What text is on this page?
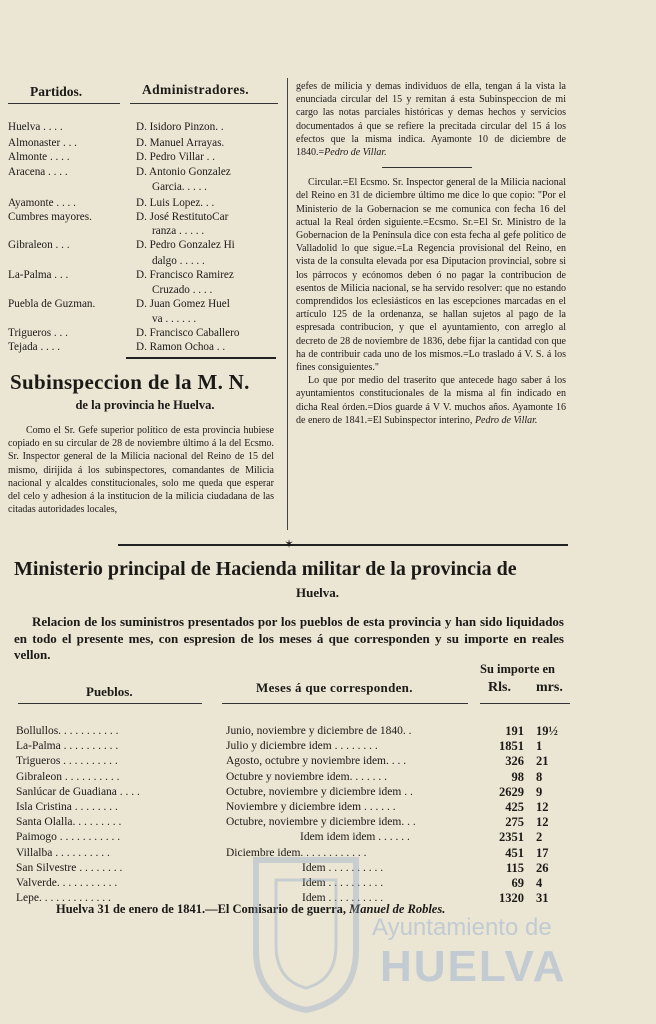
Partidos.	Administradores.
Huelva . . . .	D. Isidoro Pinzon. .
Almonaster . . .	D. Manuel Arrayas.
Almonte . . . .	D. Pedro Villar . .
Aracena . . . .	D. Antonio Gonzalez
Garcia. . . . .
Ayamonte . . . .	D. Luis Lopez. . .
Cumbres mayores.	D. José RestitutoCar
ranza . . . . .
Gibraleon . . .	D. Pedro Gonzalez Hi
dalgo . . . . .
La-Palma . . .	D. Francisco Ramirez
Cruzado . . . .
Puebla de Guzman.	D. Juan Gomez Huel
va . . . . . .
Trigueros . . .	D. Francisco Caballero
Tejada . . . .	D. Ramon Ochoa . .
Subinspeccion de la M. N.
de la provincia he Huelva.
Como el Sr. Gefe superior político de esta provincia hubiese copiado en su circular de 28 de noviembre último á la del Ecsmo. Sr. Inspector general de la Milicia nacional del Reino de 15 del mismo, dirijida á los subinspectores, comandantes de Milicia nacional y alcaldes constitucionales, solo me queda que esperar del celo y adhesion á la institucion de la milicia ciudadana de las citadas autoridades locales,

gefes de milicia y demas individuos de ella, tengan á la vista la enunciada circular del 15 y remitan á esta Subinspeccion de mi cargo las notas parciales históricas y demas hechos y servicios documentados á que se refiere la precitada circular del 15 á los efectos que la misma indica. Ayamonte 10 de diciembre de 1840.=Pedro de Villar.

Circular.=El Ecsmo. Sr. Inspector general de la Milicia nacional del Reino en 31 de diciembre último me dice lo que copio: "Por el Ministerio de la Gobernacion se me comunica con fecha 16 del actual la Real órden siguiente.=Ecsmo. Sr.=El Sr. Ministro de la Gobernacion de la Península dice con esta fecha al gefe político de Valladolid lo que sigue.=La Regencia provisional del Reino, en vista de la consulta elevada por esa Diputacion provincial, sobre si los párrocos y ecónomos deben ó no pagar la contribucion de esentos de Milicia nacional, se ha servido resolver: que no estando comprendidos los eclesiásticos en las escepciones marcadas en el artículo 125 de la ordenanza, se hallan sujetos al pago de la espresada contribucion, y que el ayuntamiento, con arreglo al decreto de 28 de noviembre de 1836, debe fijar la cantidad con que ha de contribuir cada uno de los mismos.=Lo traslado á V. S. á los fines consiguientes."

Lo que por medio del traserito que antecede hago saber á los ayuntamientos constitucionales de la misma al fin indicado en dicha Real órden.=Dios guarde á V V. muchos años. Ayamonte 16 de enero de 1841.=El Subinspector interino, Pedro de Villar.

✶
Ministerio principal de Hacienda militar de la provincia de
Huelva.
Relacion de los suministros presentados por los pueblos de esta provincia y han sido liquidados en todo el presente mes, con espresion de los meses á que corresponden y su importe en reales vellon.
Pueblos.	Meses á que corresponden.
Su importe en
Rls. mrs.
Bollullos. . . . . . . . . . .	Junio, noviembre y diciembre de 1840. .	191 19½
La-Palma . . . . . . . . . .	Julio y diciembre idem . . . . . . . .	1851 1
Trigueros . . . . . . . . . .	Agosto, octubre y noviembre idem. . . .	326 21
Gibraleon . . . . . . . . . .	Octubre y noviembre idem. . . . . . .	98 8
Sanlúcar de Guadiana . . . .	Octubre, noviembre y diciembre idem . .	2629 9
Isla Cristina . . . . . . . .	Noviembre y diciembre idem . . . . . .	425 12
Santa Olalla. . . . . . . . .	Octubre, noviembre y diciembre idem. . .	275 12
Paimogo . . . . . . . . . . .	Idem idem idem . . . . . .	2351 2
Villalba . . . . . . . . . .	Diciembre idem. . . . . . . . . . . .	451 17
San Silvestre . . . . . . . .	Idem . . . . . . . . . .	115 26
Valverde. . . . . . . . . . .	Idem . . . . . . . . . .	69 4
Lepe. . . . . . . . . . . . .	Idem . . . . . . . . . .	1320 31
Huelva 31 de enero de 1841.—El Comisario de guerra, Manuel de Robles.
Ayuntamiento de
HUELVA
